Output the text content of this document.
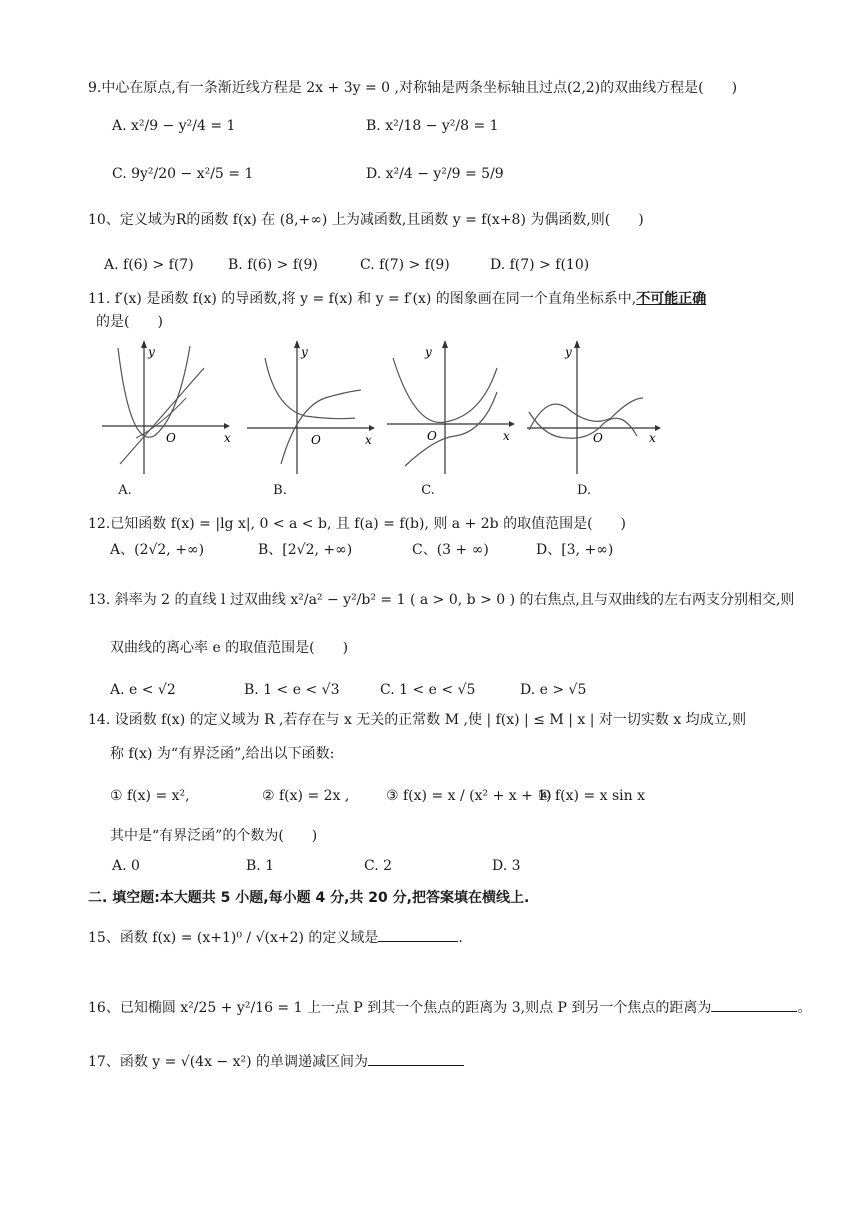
9.中心在原点,有一条渐近线方程是 2x + 3y = 0 ,对称轴是两条坐标轴且过点(2,2)的双曲线方程是(　　)
A. x²/9 − y²/4 = 1	B. x²/18 − y²/8 = 1
C. 9y²/20 − x²/5 = 1	D. x²/4 − y²/9 = 5/9
10、定义域为R的函数 f(x) 在 (8,+∞) 上为减函数,且函数 y = f(x+8) 为偶函数,则(　　)
A. f(6) > f(7) B. f(6) > f(9)	C. f(7) > f(9)	D. f(7) > f(10)
11. f′(x) 是函数 f(x) 的导函数,将 y = f(x) 和 y = f′(x) 的图象画在同一个直角坐标系中,不可能正确
的是(　　)
y
x
O
A.
y
x
O
B.
y
x
O
C.
y
x
O
D.
12.已知函数 f(x) = |lg x|, 0 < a < b, 且 f(a) = f(b), 则 a + 2b 的取值范围是(　　)
A、(2√2, +∞)	B、[2√2, +∞)	C、(3 + ∞)	D、[3, +∞)
13. 斜率为 2 的直线 l 过双曲线 x²/a² − y²/b² = 1 ( a > 0, b > 0 ) 的右焦点,且与双曲线的左右两支分别相交,则
双曲线的离心率 e 的取值范围是(　　)
A. e < √2	B. 1 < e < √3	C. 1 < e < √5	D. e > √5
14. 设函数 f(x) 的定义域为 R ,若存在与 x 无关的正常数 M ,使 | f(x) | ≤ M | x | 对一切实数 x 均成立,则
称 f(x) 为“有界泛函”,给出以下函数:
① f(x) = x²,	② f(x) = 2x ,	③ f(x) = x / (x² + x + 1)
④ f(x) = x sin x
其中是“有界泛函”的个数为(　　)
A. 0	B. 1	C. 2	D. 3
二. 填空题:本大题共 5 小题,每小题 4 分,共 20 分,把答案填在横线上.
15、函数 f(x) = (x+1)⁰ / √(x+2) 的定义域是	.
16、已知椭圆 x²/25 + y²/16 = 1 上一点 P 到其一个焦点的距离为 3,则点 P 到另一个焦点的距离为	。
17、函数 y = √(4x − x²) 的单调递减区间为
